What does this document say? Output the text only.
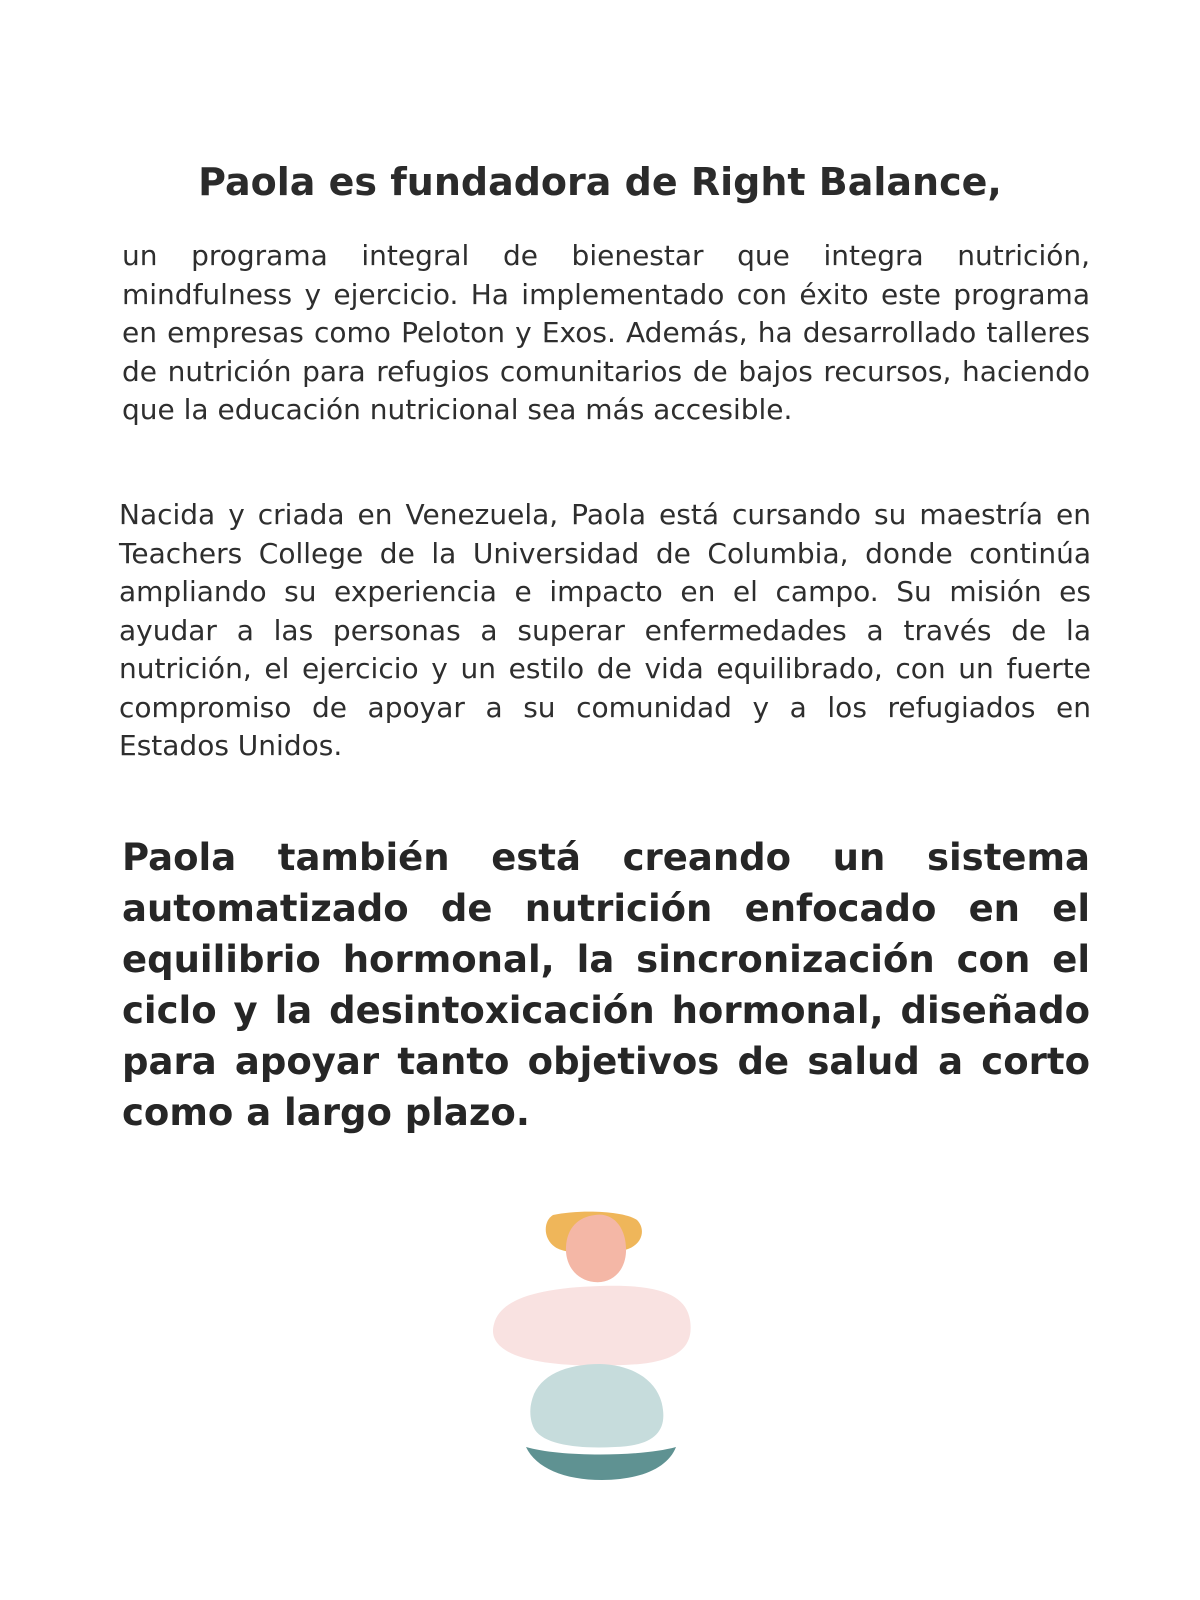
Paola es fundadora de Right Balance,

un programa integral de bienestar que integra nutrición, mindfulness y ejercicio. Ha implementado con éxito este programa en empresas como Peloton y Exos. Además, ha desarrollado talleres de nutrición para refugios comunitarios de bajos recursos, haciendo que la educación nutricional sea más accesible.

Nacida y criada en Venezuela, Paola está cursando su maestría en Teachers College de la Universidad de Columbia, donde continúa ampliando su experiencia e impacto en el campo. Su misión es ayudar a las personas a superar enfermedades a través de la nutrición, el ejercicio y un estilo de vida equilibrado, con un fuerte compromiso de apoyar a su comunidad y a los refugiados en Estados Unidos.

Paola también está creando un sistema automatizado de nutrición enfocado en el equilibrio hormonal, la sincronización con el ciclo y la desintoxicación hormonal, diseñado para apoyar tanto objetivos de salud a corto como a largo plazo.
